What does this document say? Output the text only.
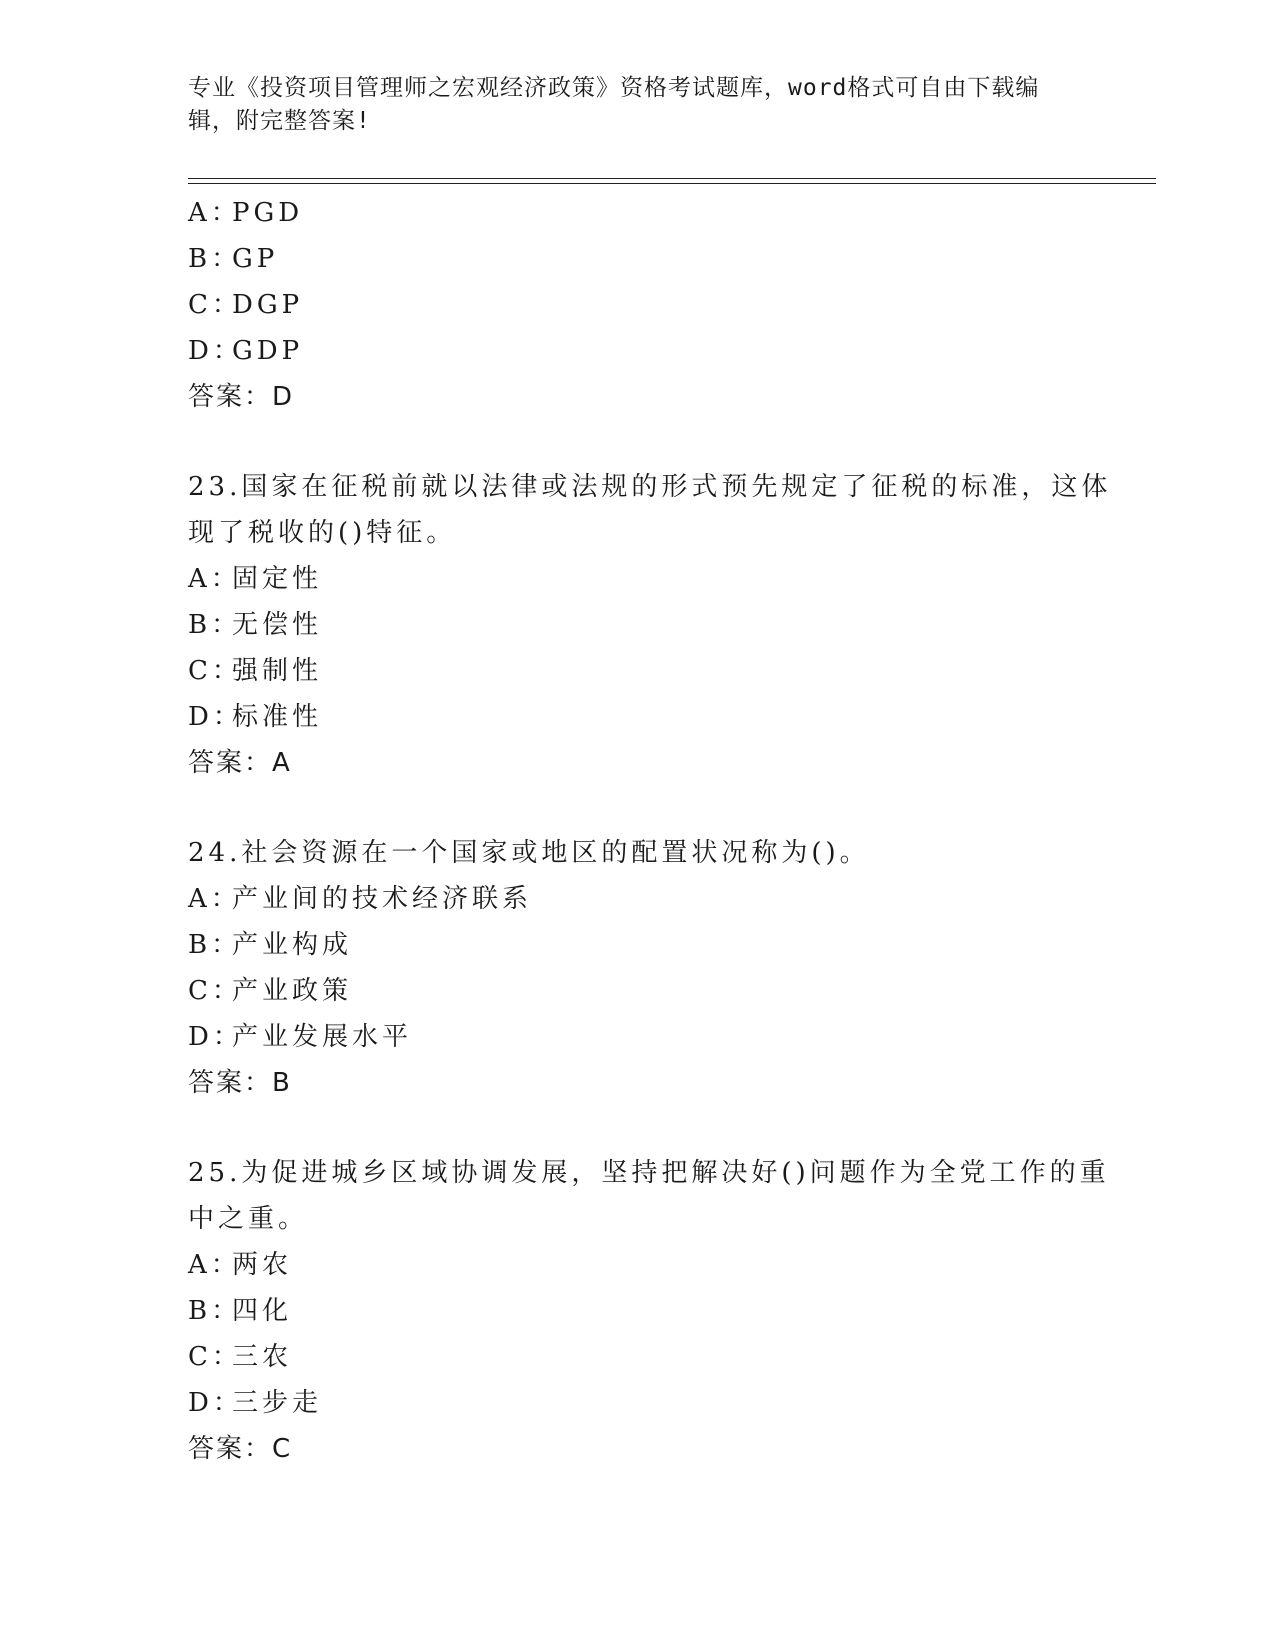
专业《投资项目管理师之宏观经济政策》资格考试题库，word格式可自由下载编
辑，附完整答案!
A：PGD
B：GP
C：DGP
D：GDP
答案：D
23.国家在征税前就以法律或法规的形式预先规定了征税的标准，这体
现了税收的()特征。
A：固定性
B：无偿性
C：强制性
D：标准性
答案：A
24.社会资源在一个国家或地区的配置状况称为()。
A：产业间的技术经济联系
B：产业构成
C：产业政策
D：产业发展水平
答案：B
25.为促进城乡区域协调发展，坚持把解决好()问题作为全党工作的重
中之重。
A：两农
B：四化
C：三农
D：三步走
答案：C
